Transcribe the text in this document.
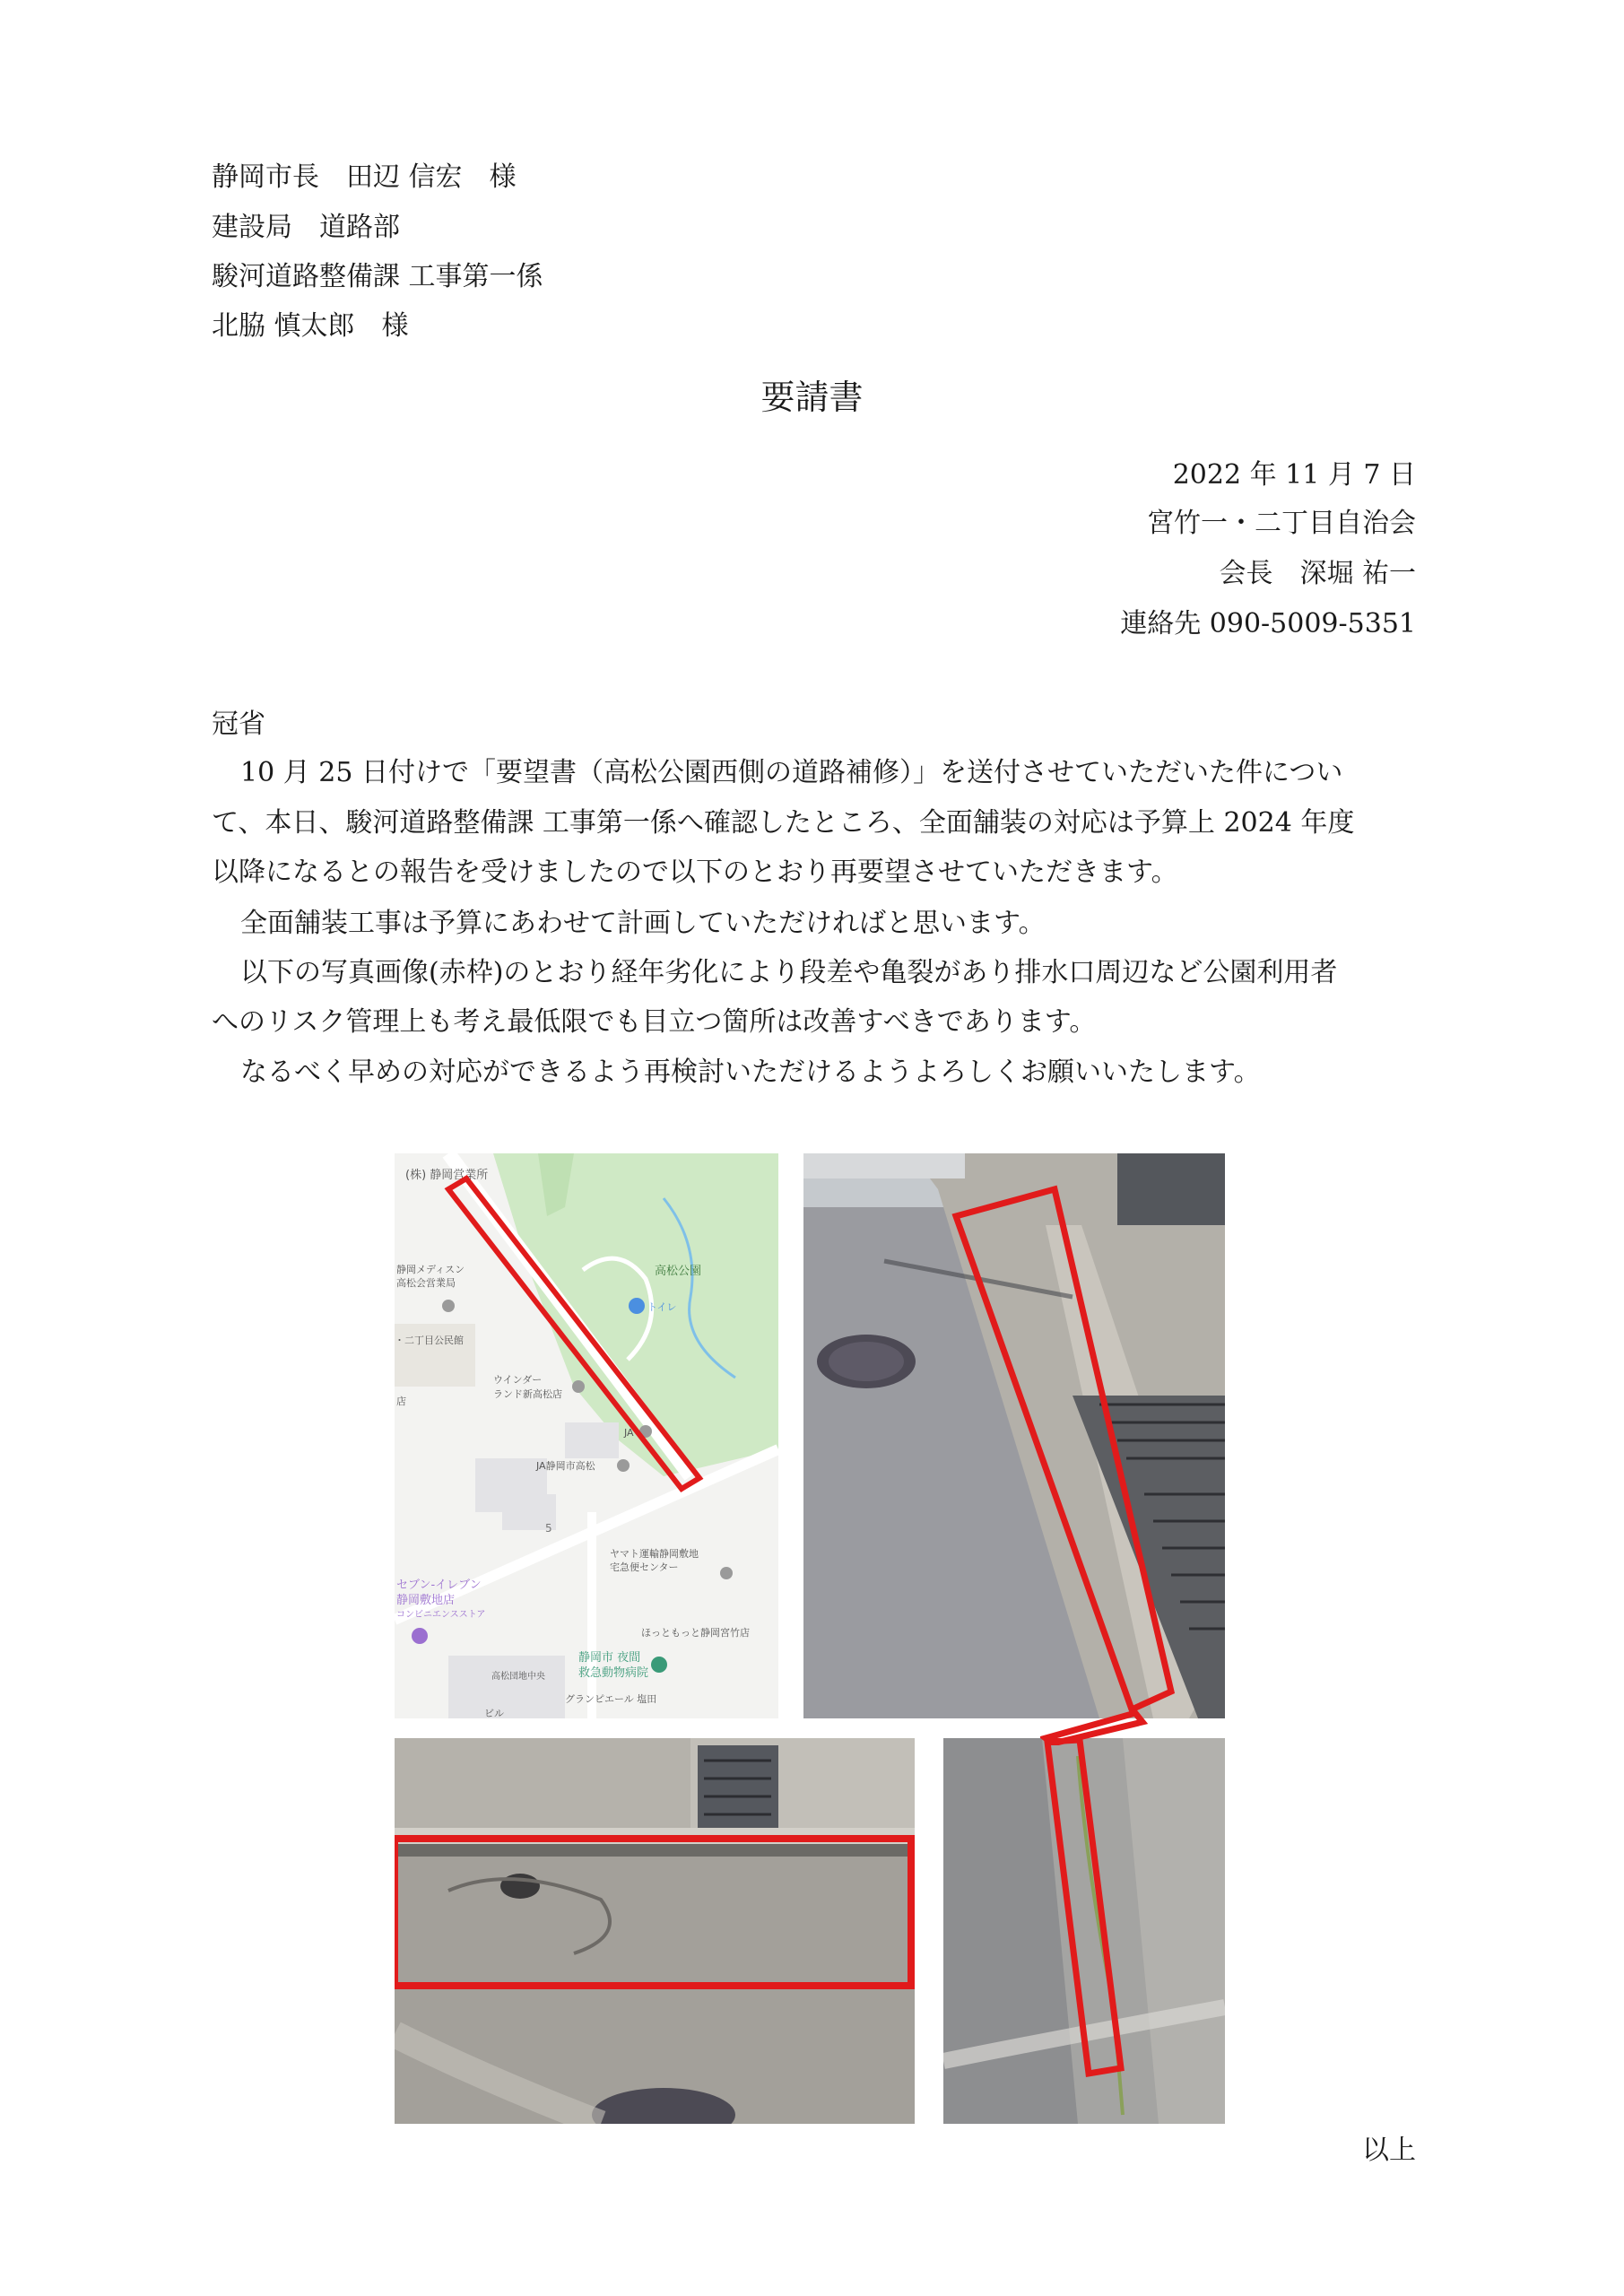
静岡市長　田辺 信宏　様
建設局　道路部
駿河道路整備課 工事第一係
北脇 慎太郎　様
要請書
2022 年 11 月 7 日
宮竹一・二丁目自治会
会長　深堀 祐一
連絡先 090-5009-5351
冠省
10 月 25 日付けで「要望書（高松公園西側の道路補修）」を送付させていただいた件につい
て、本日、駿河道路整備課 工事第一係へ確認したところ、全面舗装の対応は予算上 2024 年度
以降になるとの報告を受けましたので以下のとおり再要望させていただきます。
全面舗装工事は予算にあわせて計画していただければと思います。
以下の写真画像(赤枠)のとおり経年劣化により段差や亀裂があり排水口周辺など公園利用者
へのリスク管理上も考え最低限でも目立つ箇所は改善すべきであります。
なるべく早めの対応ができるよう再検討いただけるようよろしくお願いいたします。
(株) 静岡営業所
静岡メディスン
高松会営業局
高松公園
トイレ
・二丁目公民館
ウインダー
ランド新高松店
店
JA
JA静岡市高松
5
ヤマト運輸静岡敷地
宅急便センター
セブン-イレブン
静岡敷地店
コンビニエンスストア
ほっともっと静岡宮竹店
静岡市 夜間
救急動物病院
高松団地中央
グランピエール 塩田
ビル
以上
